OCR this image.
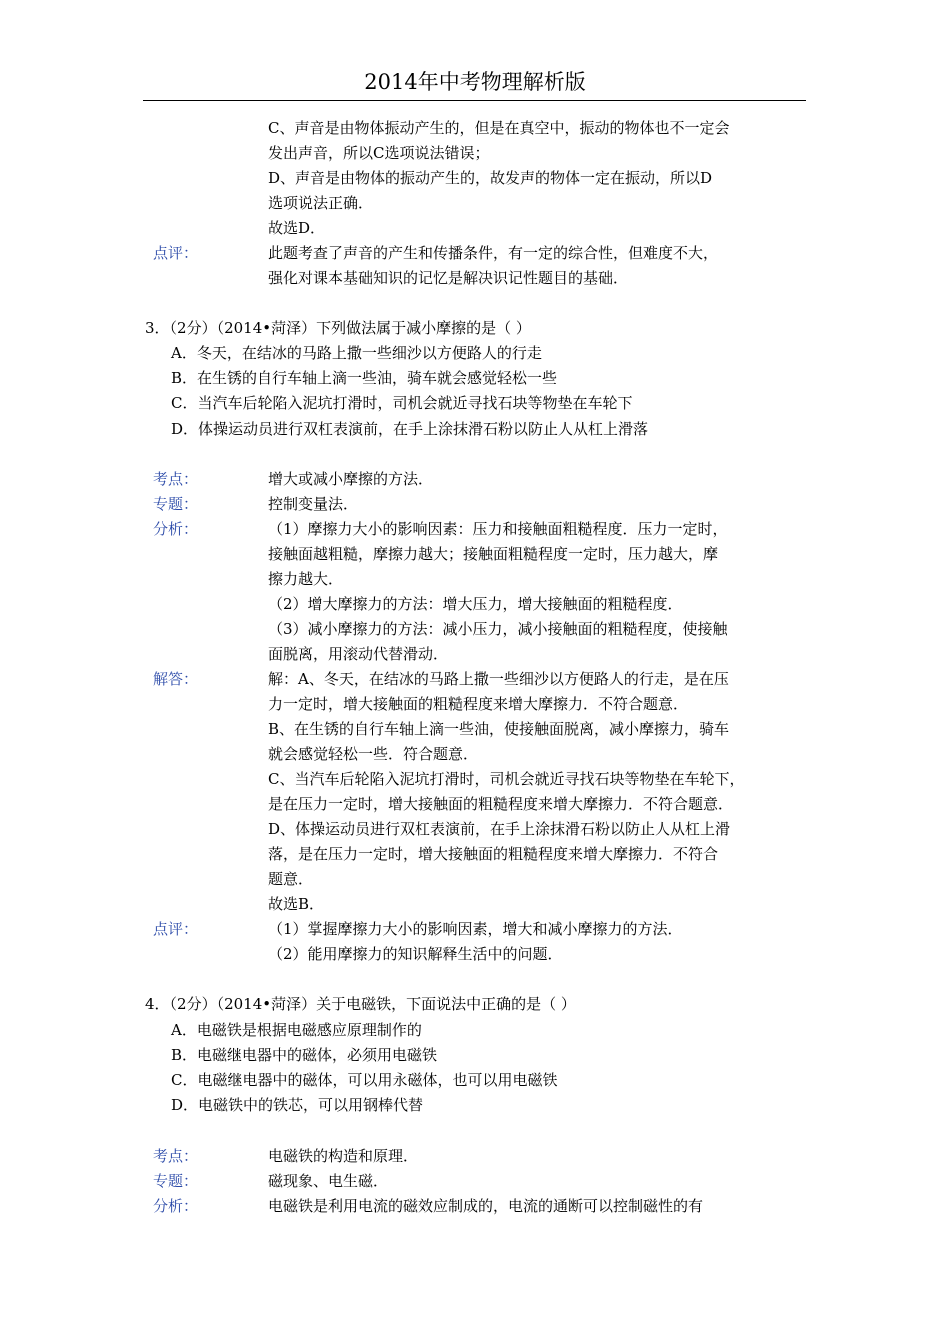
2014年中考物理解析版
C、声音是由物体振动产生的，但是在真空中，振动的物体也不一定会
发出声音，所以C选项说法错误；
D、声音是由物体的振动产生的，故发声的物体一定在振动，所以D
选项说法正确．
故选D．
点评：	此题考查了声音的产生和传播条件，有一定的综合性，但难度不大，
强化对课本基础知识的记忆是解决识记性题目的基础．
3．（2分）（2014•菏泽）下列做法属于减小摩擦的是（ ）
A．冬天，在结冰的马路上撒一些细沙以方便路人的行走
B．在生锈的自行车轴上滴一些油，骑车就会感觉轻松一些
C．当汽车后轮陷入泥坑打滑时，司机会就近寻找石块等物垫在车轮下
D．体操运动员进行双杠表演前，在手上涂抹滑石粉以防止人从杠上滑落
考点：	增大或减小摩擦的方法．
专题：	控制变量法．
分析：	（1）摩擦力大小的影响因素：压力和接触面粗糙程度．压力一定时，
接触面越粗糙，摩擦力越大；接触面粗糙程度一定时，压力越大，摩
擦力越大．
（2）增大摩擦力的方法：增大压力，增大接触面的粗糙程度．
（3）减小摩擦力的方法：减小压力，减小接触面的粗糙程度，使接触
面脱离，用滚动代替滑动．
解答：	解：A、冬天，在结冰的马路上撒一些细沙以方便路人的行走，是在压
力一定时，增大接触面的粗糙程度来增大摩擦力．不符合题意．
B、在生锈的自行车轴上滴一些油，使接触面脱离，减小摩擦力，骑车
就会感觉轻松一些．符合题意．
C、当汽车后轮陷入泥坑打滑时，司机会就近寻找石块等物垫在车轮下，
是在压力一定时，增大接触面的粗糙程度来增大摩擦力．不符合题意．
D、体操运动员进行双杠表演前，在手上涂抹滑石粉以防止人从杠上滑
落，是在压力一定时，增大接触面的粗糙程度来增大摩擦力．不符合
题意．
故选B．
点评：	（1）掌握摩擦力大小的影响因素，增大和减小摩擦力的方法．
（2）能用摩擦力的知识解释生活中的问题．
4．（2分）（2014•菏泽）关于电磁铁，下面说法中正确的是（ ）
A．电磁铁是根据电磁感应原理制作的
B．电磁继电器中的磁体，必须用电磁铁
C．电磁继电器中的磁体，可以用永磁体，也可以用电磁铁
D．电磁铁中的铁芯，可以用钢棒代替
考点：	电磁铁的构造和原理．
专题：	磁现象、电生磁．
分析：	电磁铁是利用电流的磁效应制成的，电流的通断可以控制磁性的有
